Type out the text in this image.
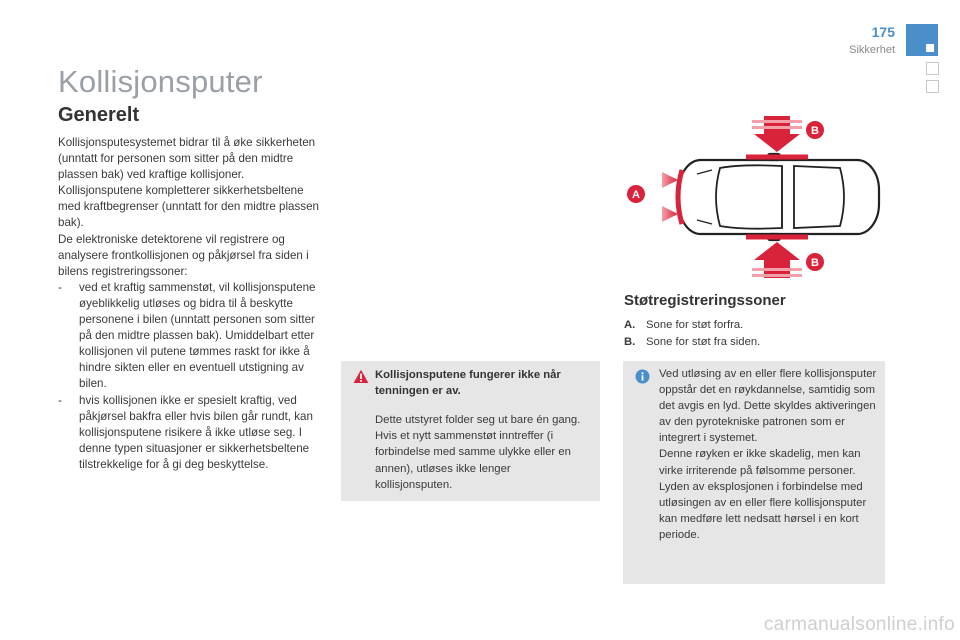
175
Sikkerhet
Kollisjonsputer
Generelt

Kollisjonsputesystemet bidrar til å øke sikkerheten (unntatt for personen som sitter på den midtre plassen bak) ved kraftige kollisjoner. Kollisjonsputene kompletterer sikkerhetsbeltene med kraftbegrenser (unntatt for den midtre plassen bak).

De elektroniske detektorene vil registrere og analysere frontkollisjonen og påkjørsel fra siden i bilens registreringssoner:

- ved et kraftig sammenstøt, vil kollisjonsputene øyeblikkelig utløses og bidra til å beskytte personene i bilen (unntatt personen som sitter på den midtre plassen bak). Umiddelbart etter kollisjonen vil putene tømmes raskt for ikke å hindre sikten eller en eventuell utstigning av bilen.
- hvis kollisjonen ikke er spesielt kraftig, ved påkjørsel bakfra eller hvis bilen går rundt, kan kollisjonsputene risikere å ikke utløse seg. I denne typen situasjoner er sikkerhetsbeltene tilstrekkelige for å gi deg beskyttelse.

Kollisjonsputene fungerer ikke når tenningen er av.

Dette utstyret folder seg ut bare én gang. Hvis et nytt sammenstøt inntreffer (i forbindelse med samme ulykke eller en annen), utløses ikke lenger kollisjonsputen.

A
B
B
Støtregistreringssoner
A. Sone for støt forfra.
B. Sone for støt fra siden.

Ved utløsing av en eller flere kollisjonsputer oppstår det en røykdannelse, samtidig som det avgis en lyd. Dette skyldes aktiveringen av den pyrotekniske patronen som er integrert i systemet.
Denne røyken er ikke skadelig, men kan virke irriterende på følsomme personer.
Lyden av eksplosjonen i forbindelse med utløsingen av en eller flere kollisjonsputer kan medføre lett nedsatt hørsel i en kort periode.

carmanualsonline.info
